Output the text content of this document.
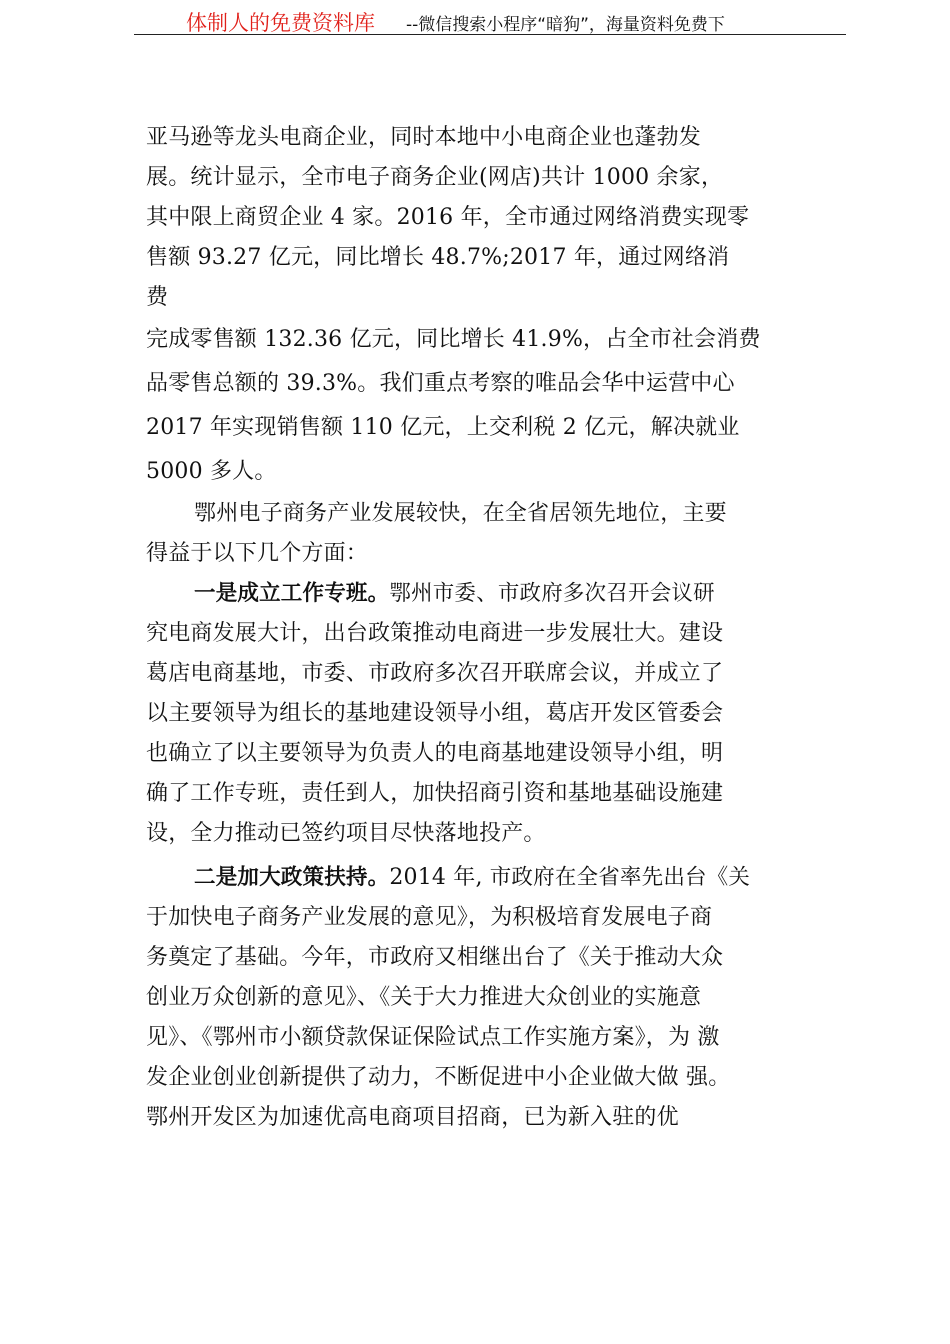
体制人的免费资料库 --微信搜索小程序“暗狗”，海量资料免费下
亚马逊等龙头电商企业，同时本地中小电商企业也蓬勃发
展。统计显示，全市电子商务企业(网店)共计 1000 余家，
其中限上商贸企业 4 家。2016 年，全市通过网络消费实现零
售额 93.27 亿元，同比增长 48.7%;2017 年，通过网络消
费
完成零售额 132.36 亿元，同比增长 41.9%，占全市社会消费
品零售总额的 39.3%。我们重点考察的唯品会华中运营中心
2017 年实现销售额 110 亿元，上交利税 2 亿元，解决就业
5000 多人。
鄂州电子商务产业发展较快，在全省居领先地位，主要
得益于以下几个方面：
一是成立工作专班。鄂州市委、市政府多次召开会议研
究电商发展大计，出台政策推动电商进一步发展壮大。建设
葛店电商基地，市委、市政府多次召开联席会议，并成立了
以主要领导为组长的基地建设领导小组，葛店开发区管委会
也确立了以主要领导为负责人的电商基地建设领导小组，明
确了工作专班，责任到人，加快招商引资和基地基础设施建
设，全力推动已签约项目尽快落地投产。
二是加大政策扶持。2014 年, 市政府在全省率先出台《关
于加快电子商务产业发展的意见》，为积极培育发展电子商
务奠定了基础。今年，市政府又相继出台了《关于推动大众
创业万众创新的意见》、《关于大力推进大众创业的实施意
见》、《鄂州市小额贷款保证保险试点工作实施方案》，为 激
发企业创业创新提供了动力，不断促进中小企业做大做 强。
鄂州开发区为加速优高电商项目招商，已为新入驻的优
